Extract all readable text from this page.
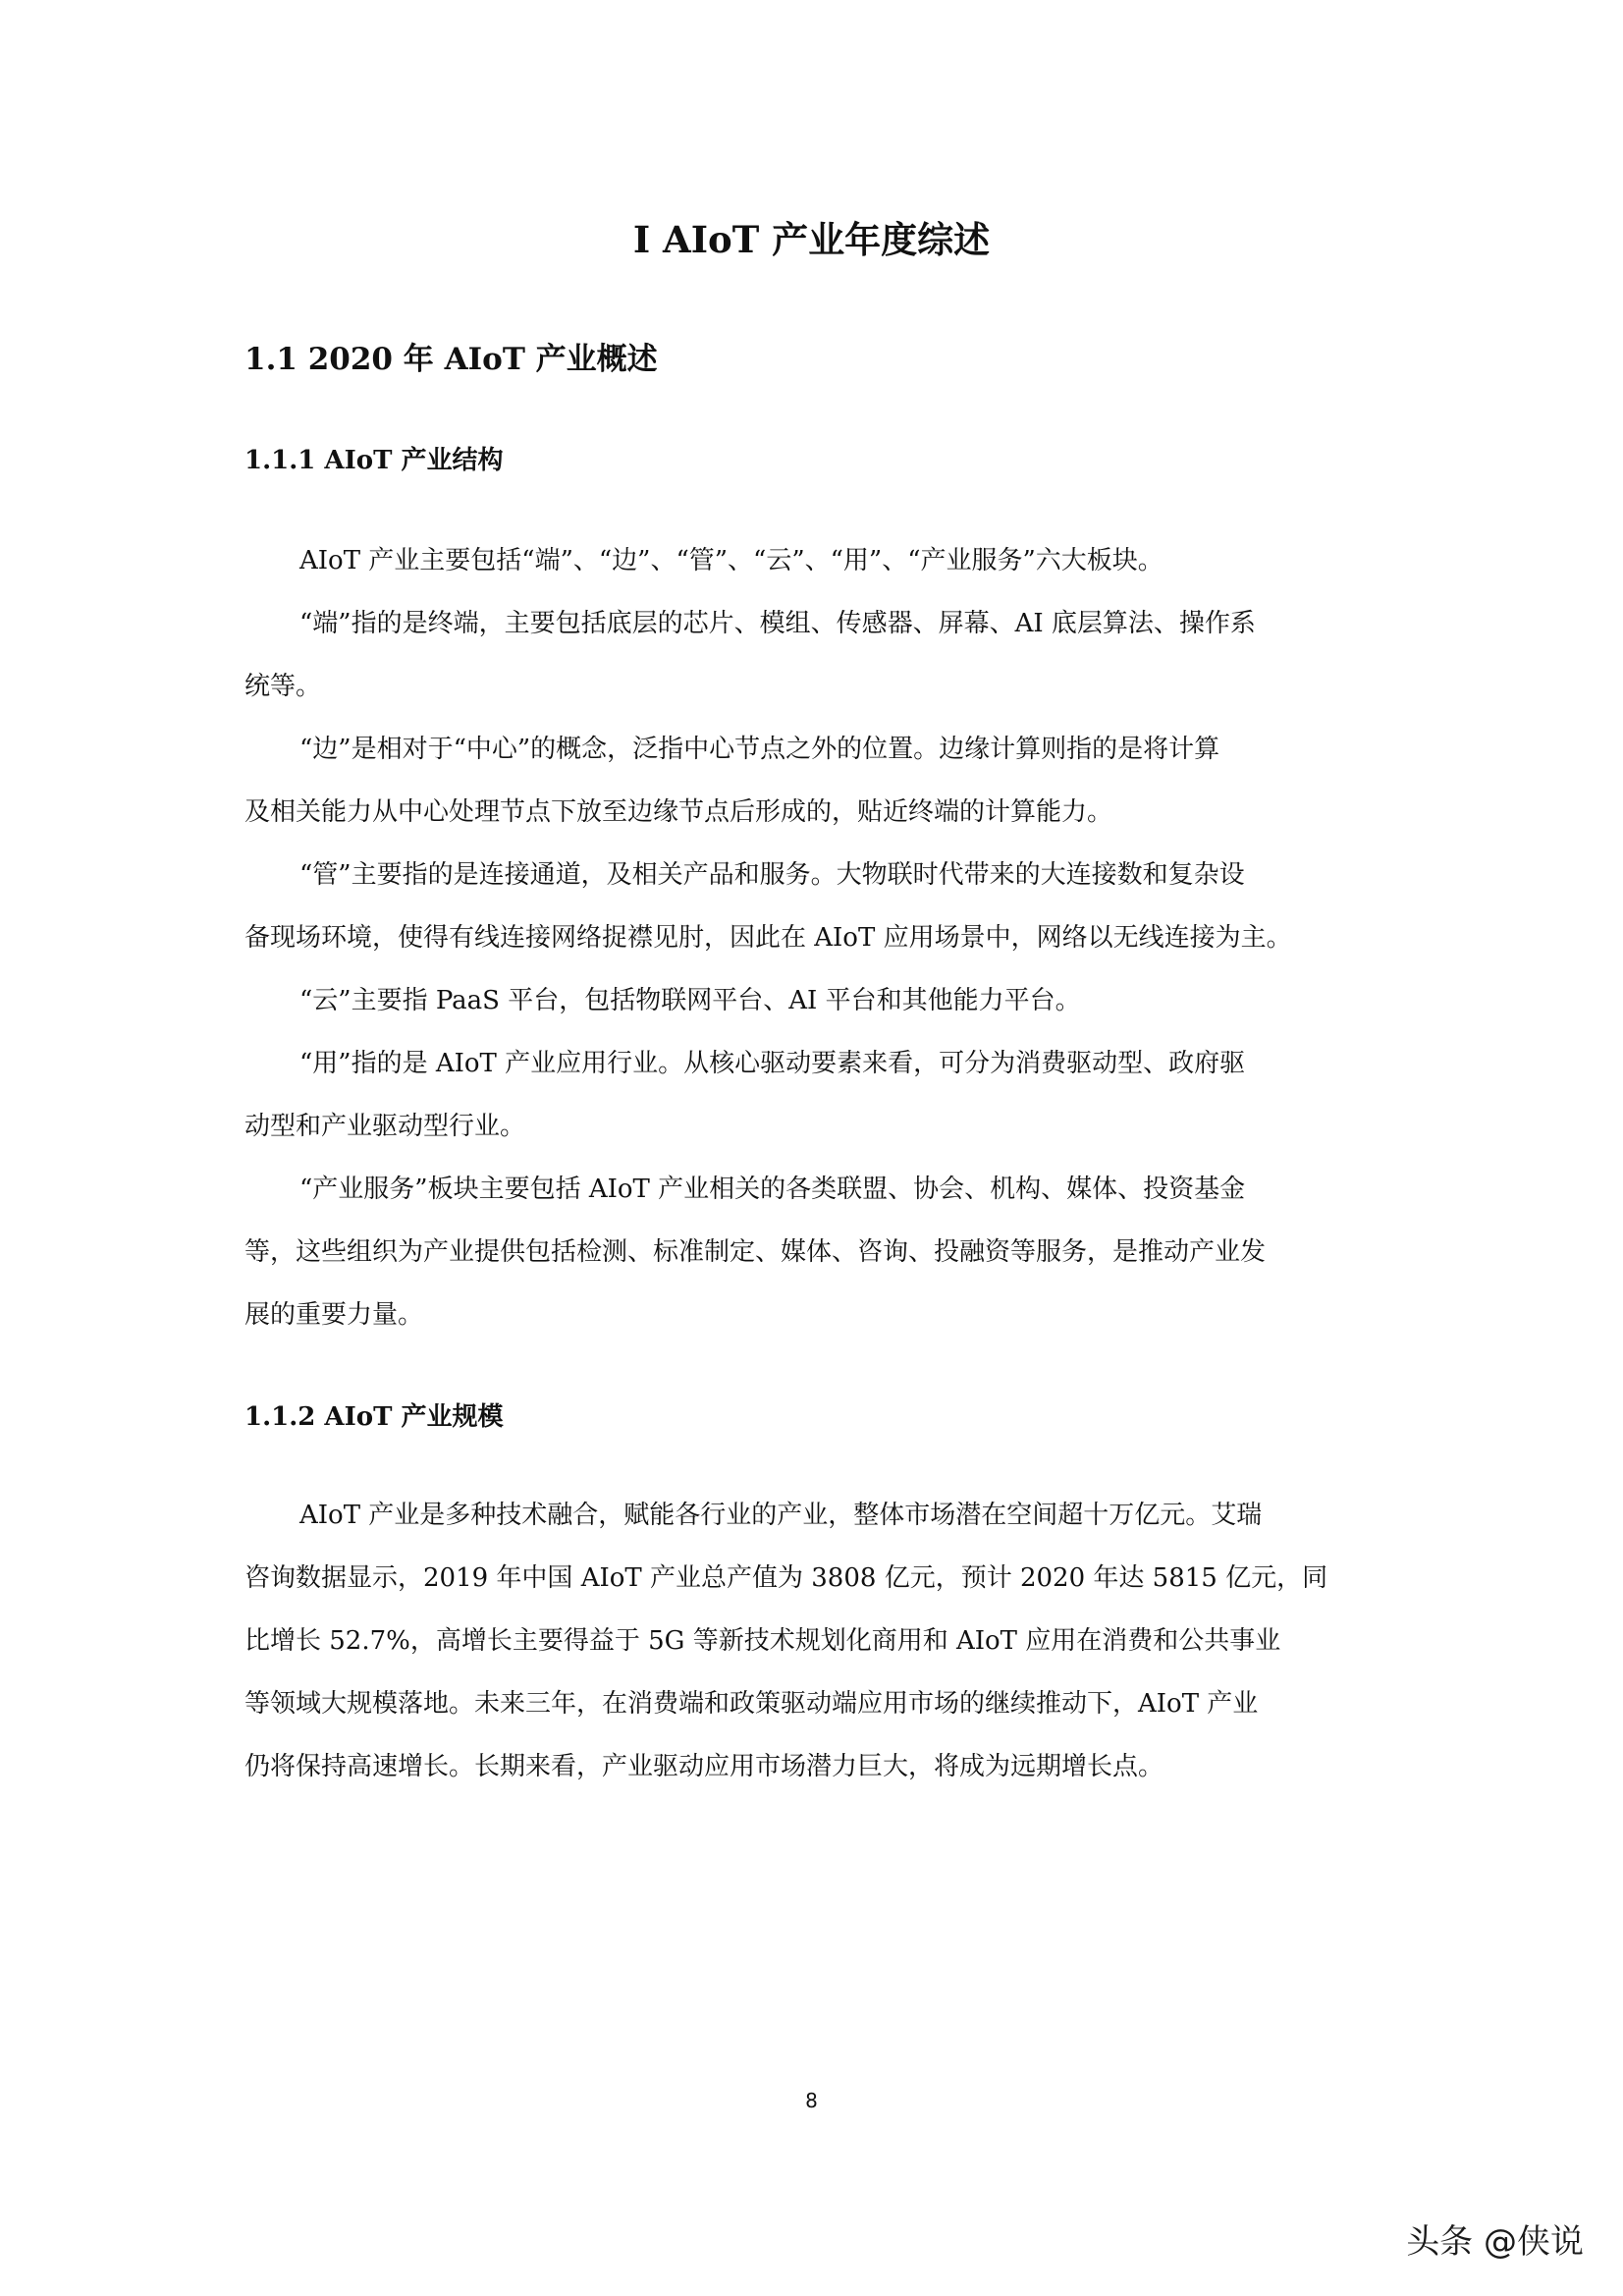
I AIoT 产业年度综述
1.1 2020 年 AIoT 产业概述
1.1.1 AIoT 产业结构
AIoT 产业主要包括“端”、“边”、“管”、“云”、“用”、“产业服务”六大板块。
“端”指的是终端，主要包括底层的芯片、模组、传感器、屏幕、AI 底层算法、操作系
统等。
“边”是相对于“中心”的概念，泛指中心节点之外的位置。边缘计算则指的是将计算
及相关能力从中心处理节点下放至边缘节点后形成的，贴近终端的计算能力。
“管”主要指的是连接通道，及相关产品和服务。大物联时代带来的大连接数和复杂设
备现场环境，使得有线连接网络捉襟见肘，因此在 AIoT 应用场景中，网络以无线连接为主。
“云”主要指 PaaS 平台，包括物联网平台、AI 平台和其他能力平台。
“用”指的是 AIoT 产业应用行业。从核心驱动要素来看，可分为消费驱动型、政府驱
动型和产业驱动型行业。
“产业服务”板块主要包括 AIoT 产业相关的各类联盟、协会、机构、媒体、投资基金
等，这些组织为产业提供包括检测、标准制定、媒体、咨询、投融资等服务，是推动产业发
展的重要力量。
1.1.2 AIoT 产业规模
AIoT 产业是多种技术融合，赋能各行业的产业，整体市场潜在空间超十万亿元。艾瑞
咨询数据显示，2019 年中国 AIoT 产业总产值为 3808 亿元，预计 2020 年达 5815 亿元，同
比增长 52.7%，高增长主要得益于 5G 等新技术规划化商用和 AIoT 应用在消费和公共事业
等领域大规模落地。未来三年，在消费端和政策驱动端应用市场的继续推动下，AIoT 产业
仍将保持高速增长。长期来看，产业驱动应用市场潜力巨大，将成为远期增长点。
8
头条 @侠说
